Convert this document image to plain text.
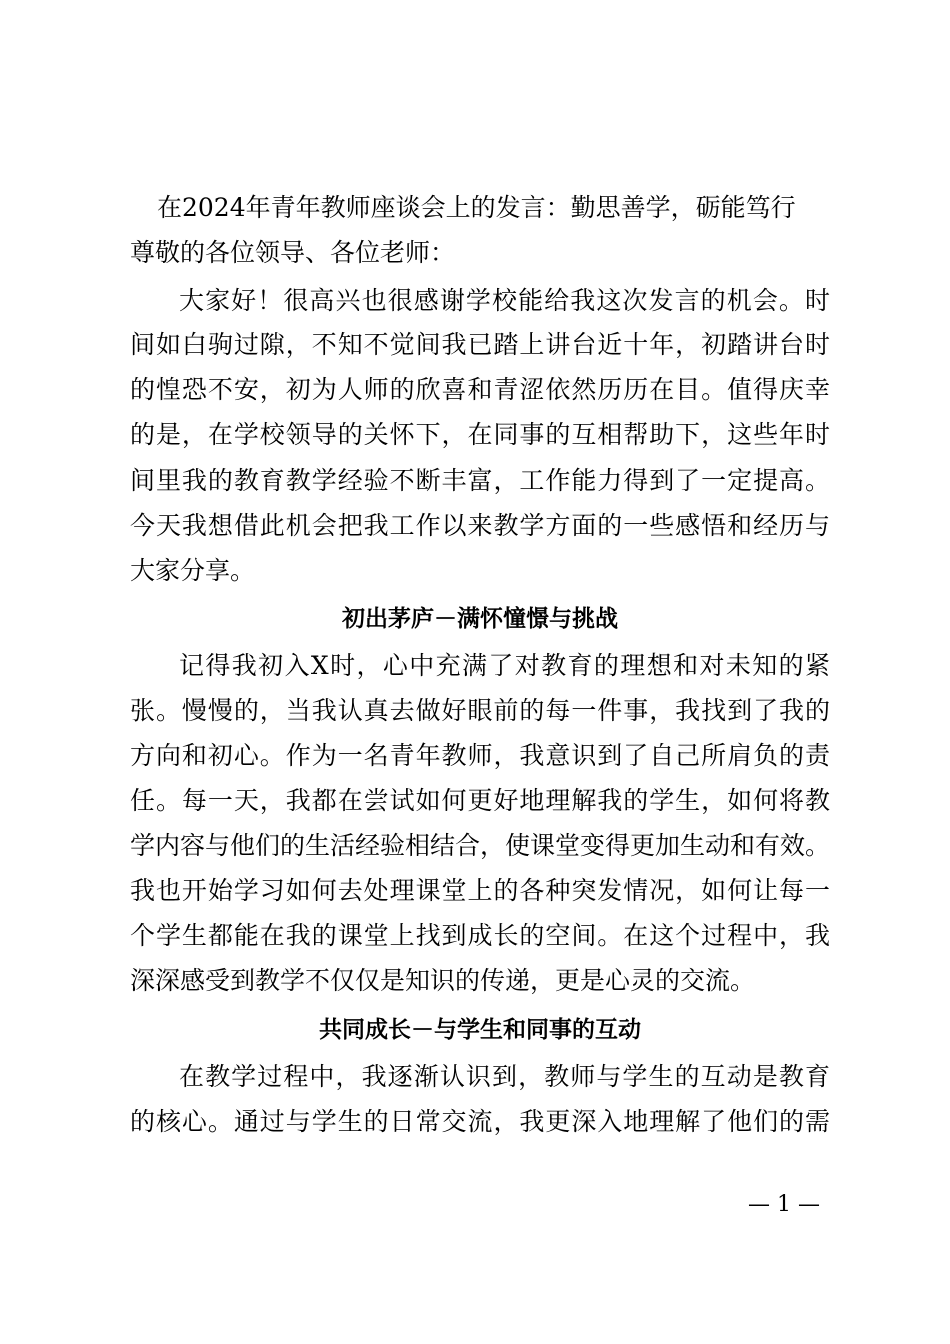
在2024年青年教师座谈会上的发言：勤思善学，砺能笃行
尊敬的各位领导、各位老师：
大家好！很高兴也很感谢学校能给我这次发言的机会。时
间如白驹过隙，不知不觉间我已踏上讲台近十年，初踏讲台时
的惶恐不安，初为人师的欣喜和青涩依然历历在目。值得庆幸
的是，在学校领导的关怀下，在同事的互相帮助下，这些年时
间里我的教育教学经验不断丰富，工作能力得到了一定提高。
今天我想借此机会把我工作以来教学方面的一些感悟和经历与
大家分享。
初出茅庐－满怀憧憬与挑战
记得我初入X时，心中充满了对教育的理想和对未知的紧
张。慢慢的，当我认真去做好眼前的每一件事，我找到了我的
方向和初心。作为一名青年教师，我意识到了自己所肩负的责
任。每一天，我都在尝试如何更好地理解我的学生，如何将教
学内容与他们的生活经验相结合，使课堂变得更加生动和有效。
我也开始学习如何去处理课堂上的各种突发情况，如何让每一
个学生都能在我的课堂上找到成长的空间。在这个过程中，我
深深感受到教学不仅仅是知识的传递，更是心灵的交流。
共同成长－与学生和同事的互动
在教学过程中，我逐渐认识到，教师与学生的互动是教育
的核心。通过与学生的日常交流，我更深入地理解了他们的需
— 1 —
